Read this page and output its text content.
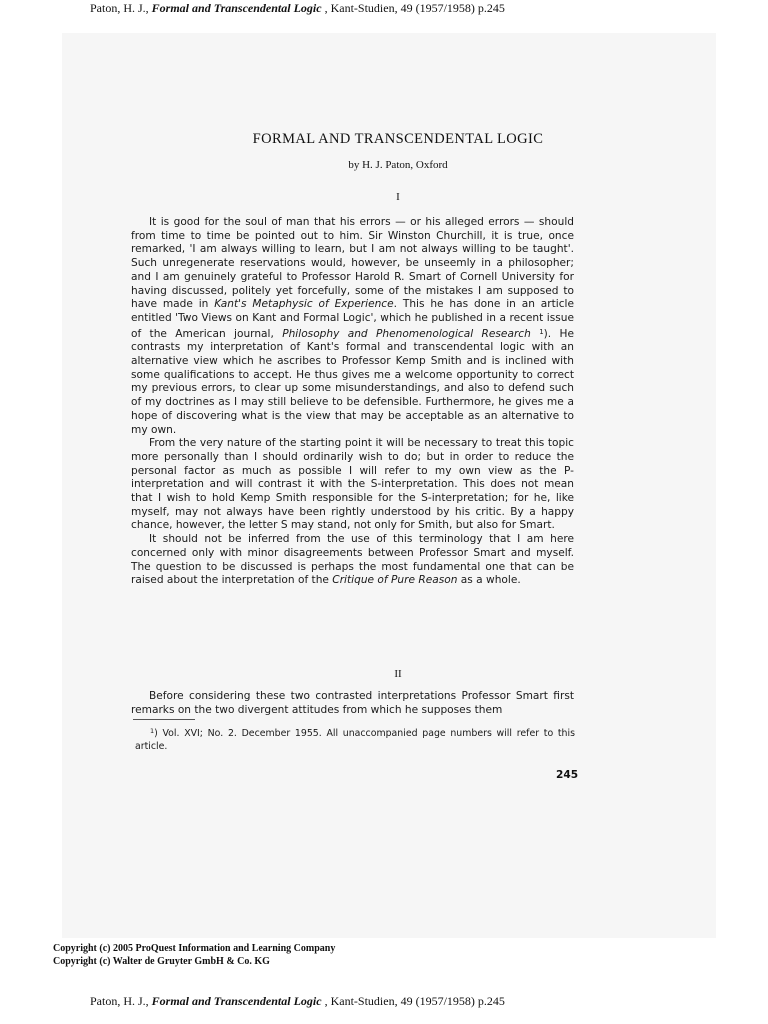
Paton, H. J., Formal and Transcendental Logic , Kant-Studien, 49 (1957/1958) p.245
FORMAL AND TRANSCENDENTAL LOGIC
by H. J. Paton, Oxford
I

It is good for the soul of man that his errors — or his alleged errors — should from time to time be pointed out to him. Sir Winston Churchill, it is true, once remarked, 'I am always willing to learn, but I am not always willing to be taught'. Such unregenerate reservations would, however, be unseemly in a philosopher; and I am genuinely grateful to Professor Harold R. Smart of Cornell University for having discussed, politely yet forcefully, some of the mistakes I am supposed to have made in Kant's Metaphysic of Experience. This he has done in an article entitled 'Two Views on Kant and Formal Logic', which he published in a recent issue of the American journal, Philosophy and Phenomenological Research $^1$). He contrasts my interpretation of Kant's formal and transcendental logic with an alternative view which he ascribes to Professor Kemp Smith and is inclined with some qualifications to accept. He thus gives me a welcome opportunity to correct my previous errors, to clear up some misunderstandings, and also to defend such of my doctrines as I may still believe to be defensible. Furthermore, he gives me a hope of discovering what is the view that may be acceptable as an alternative to my own.

From the very nature of the starting point it will be necessary to treat this topic more personally than I should ordinarily wish to do; but in order to reduce the personal factor as much as possible I will refer to my own view as the P-interpretation and will contrast it with the S-interpretation. This does not mean that I wish to hold Kemp Smith responsible for the S-interpretation; for he, like myself, may not always have been rightly understood by his critic. By a happy chance, however, the letter S may stand, not only for Smith, but also for Smart.

It should not be inferred from the use of this terminology that I am here concerned only with minor disagreements between Professor Smart and myself. The question to be discussed is perhaps the most fundamental one that can be raised about the interpretation of the Critique of Pure Reason as a whole.

II

Before considering these two contrasted interpretations Professor Smart first remarks on the two divergent attitudes from which he supposes them

$^1$) Vol. XVI; No. 2. December 1955. All unaccompanied page numbers will refer to this article.
245
Copyright (c) 2005 ProQuest Information and Learning Company
Copyright (c) Walter de Gruyter GmbH & Co. KG
Paton, H. J., Formal and Transcendental Logic , Kant-Studien, 49 (1957/1958) p.245
